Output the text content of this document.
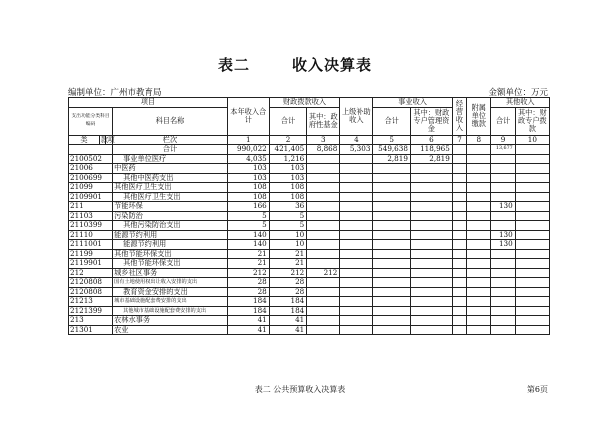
表二	收入决算表
编制单位：广州市教育局	金额单位：万元
项目				本年收入合计	财政拨款收入		上级补助收入	事业收入		经营收入	附属单位缴款	其他收入	
支出功能分类科目编码			科目名称		合计	其中：政府性基金		合计	其中：财政专户管理资金			合计	其中：财政专户拨款

类	款	项	栏次	1	2	3	4	5	6	7	8	9	10
			合计	990,022	421,405	8,868	5,303	549,638	118,965			13,677	
2100502			事业单位医疗	4,035	1,216			2,819	2,819				
21006			中医药	103	103								
2100699			其他中医药支出	103	103								
21099			其他医疗卫生支出	108	108								
2109901			其他医疗卫生支出	108	108								
211			节能环保	166	36							130	
21103			污染防治	5	5								
2110399			其他污染防治支出	5	5								
21110			能源节约利用	140	10							130	
2111001			能源节约利用	140	10							130	
21199			其他节能环保支出	21	21								
2119901			其他节能环保支出	21	21								
212			城乡社区事务	212	212	212							
2120808			国有土地使用权出让收入安排的支出	28	28								
2120808			教育资金安排的支出	28	28								
21213			城市基础设施配套费安排的支出	184	184								
2121399			其他城市基础设施配套费安排的支出	184	184								
213			农林水事务	41	41								
21301			农业	41	41								
表二 公共预算收入决算表	第6页
